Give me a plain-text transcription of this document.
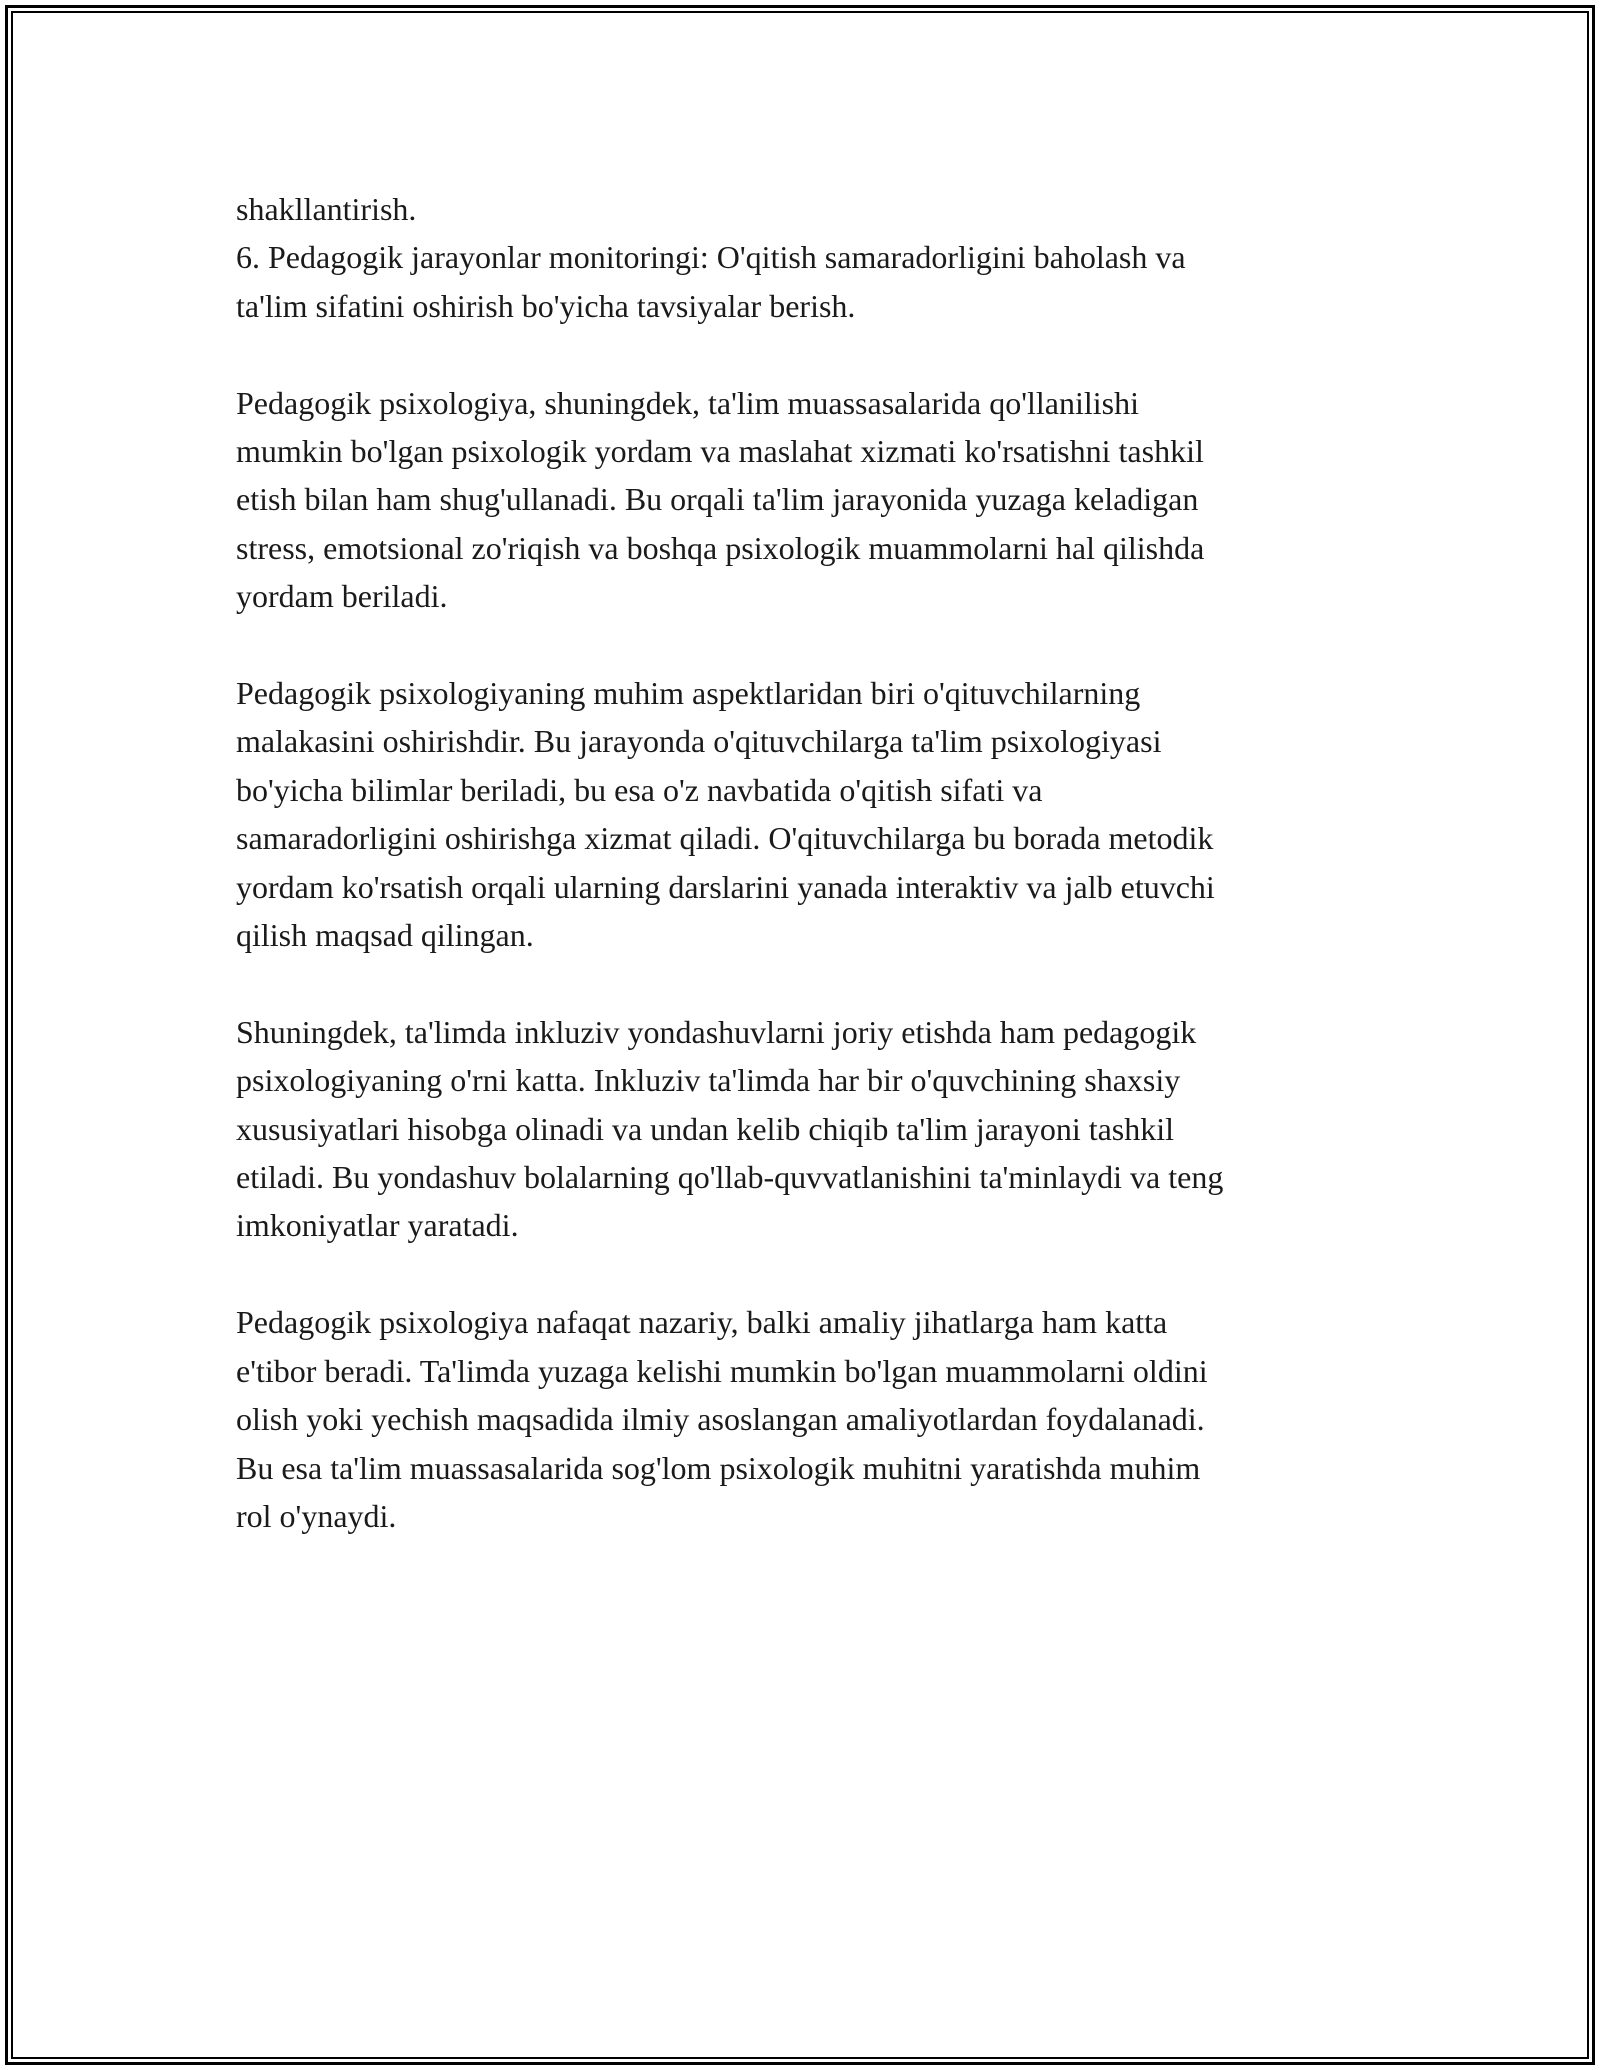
shakllantirish.
6. Pedagogik jarayonlar monitoringi: O'qitish samaradorligini baholash va
ta'lim sifatini oshirish bo'yicha tavsiyalar berish.
Pedagogik psixologiya, shuningdek, ta'lim muassasalarida qo'llanilishi
mumkin bo'lgan psixologik yordam va maslahat xizmati ko'rsatishni tashkil
etish bilan ham shug'ullanadi. Bu orqali ta'lim jarayonida yuzaga keladigan
stress, emotsional zo'riqish va boshqa psixologik muammolarni hal qilishda
yordam beriladi.
Pedagogik psixologiyaning muhim aspektlaridan biri o'qituvchilarning
malakasini oshirishdir. Bu jarayonda o'qituvchilarga ta'lim psixologiyasi
bo'yicha bilimlar beriladi, bu esa o'z navbatida o'qitish sifati va
samaradorligini oshirishga xizmat qiladi. O'qituvchilarga bu borada metodik
yordam ko'rsatish orqali ularning darslarini yanada interaktiv va jalb etuvchi
qilish maqsad qilingan.
Shuningdek, ta'limda inkluziv yondashuvlarni joriy etishda ham pedagogik
psixologiyaning o'rni katta. Inkluziv ta'limda har bir o'quvchining shaxsiy
xususiyatlari hisobga olinadi va undan kelib chiqib ta'lim jarayoni tashkil
etiladi. Bu yondashuv bolalarning qo'llab-quvvatlanishini ta'minlaydi va teng
imkoniyatlar yaratadi.
Pedagogik psixologiya nafaqat nazariy, balki amaliy jihatlarga ham katta
e'tibor beradi. Ta'limda yuzaga kelishi mumkin bo'lgan muammolarni oldini
olish yoki yechish maqsadida ilmiy asoslangan amaliyotlardan foydalanadi.
Bu esa ta'lim muassasalarida sog'lom psixologik muhitni yaratishda muhim
rol o'ynaydi.
